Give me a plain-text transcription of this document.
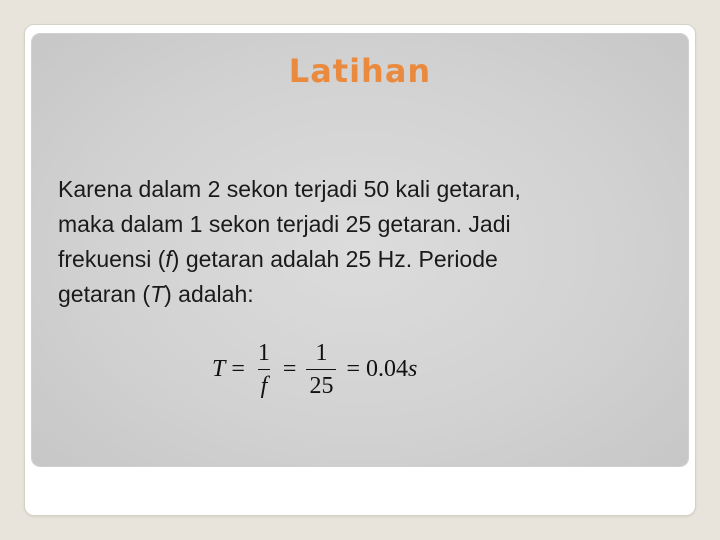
Latihan

Karena dalam 2 sekon terjadi 50 kali getaran,
maka dalam 1 sekon terjadi 25 getaran. Jadi
frekuensi (f) getaran adalah 25 Hz. Periode
getaran (T) adalah:

$T = \frac{1}{f} = \frac{1}{25} = 0.04$ s
